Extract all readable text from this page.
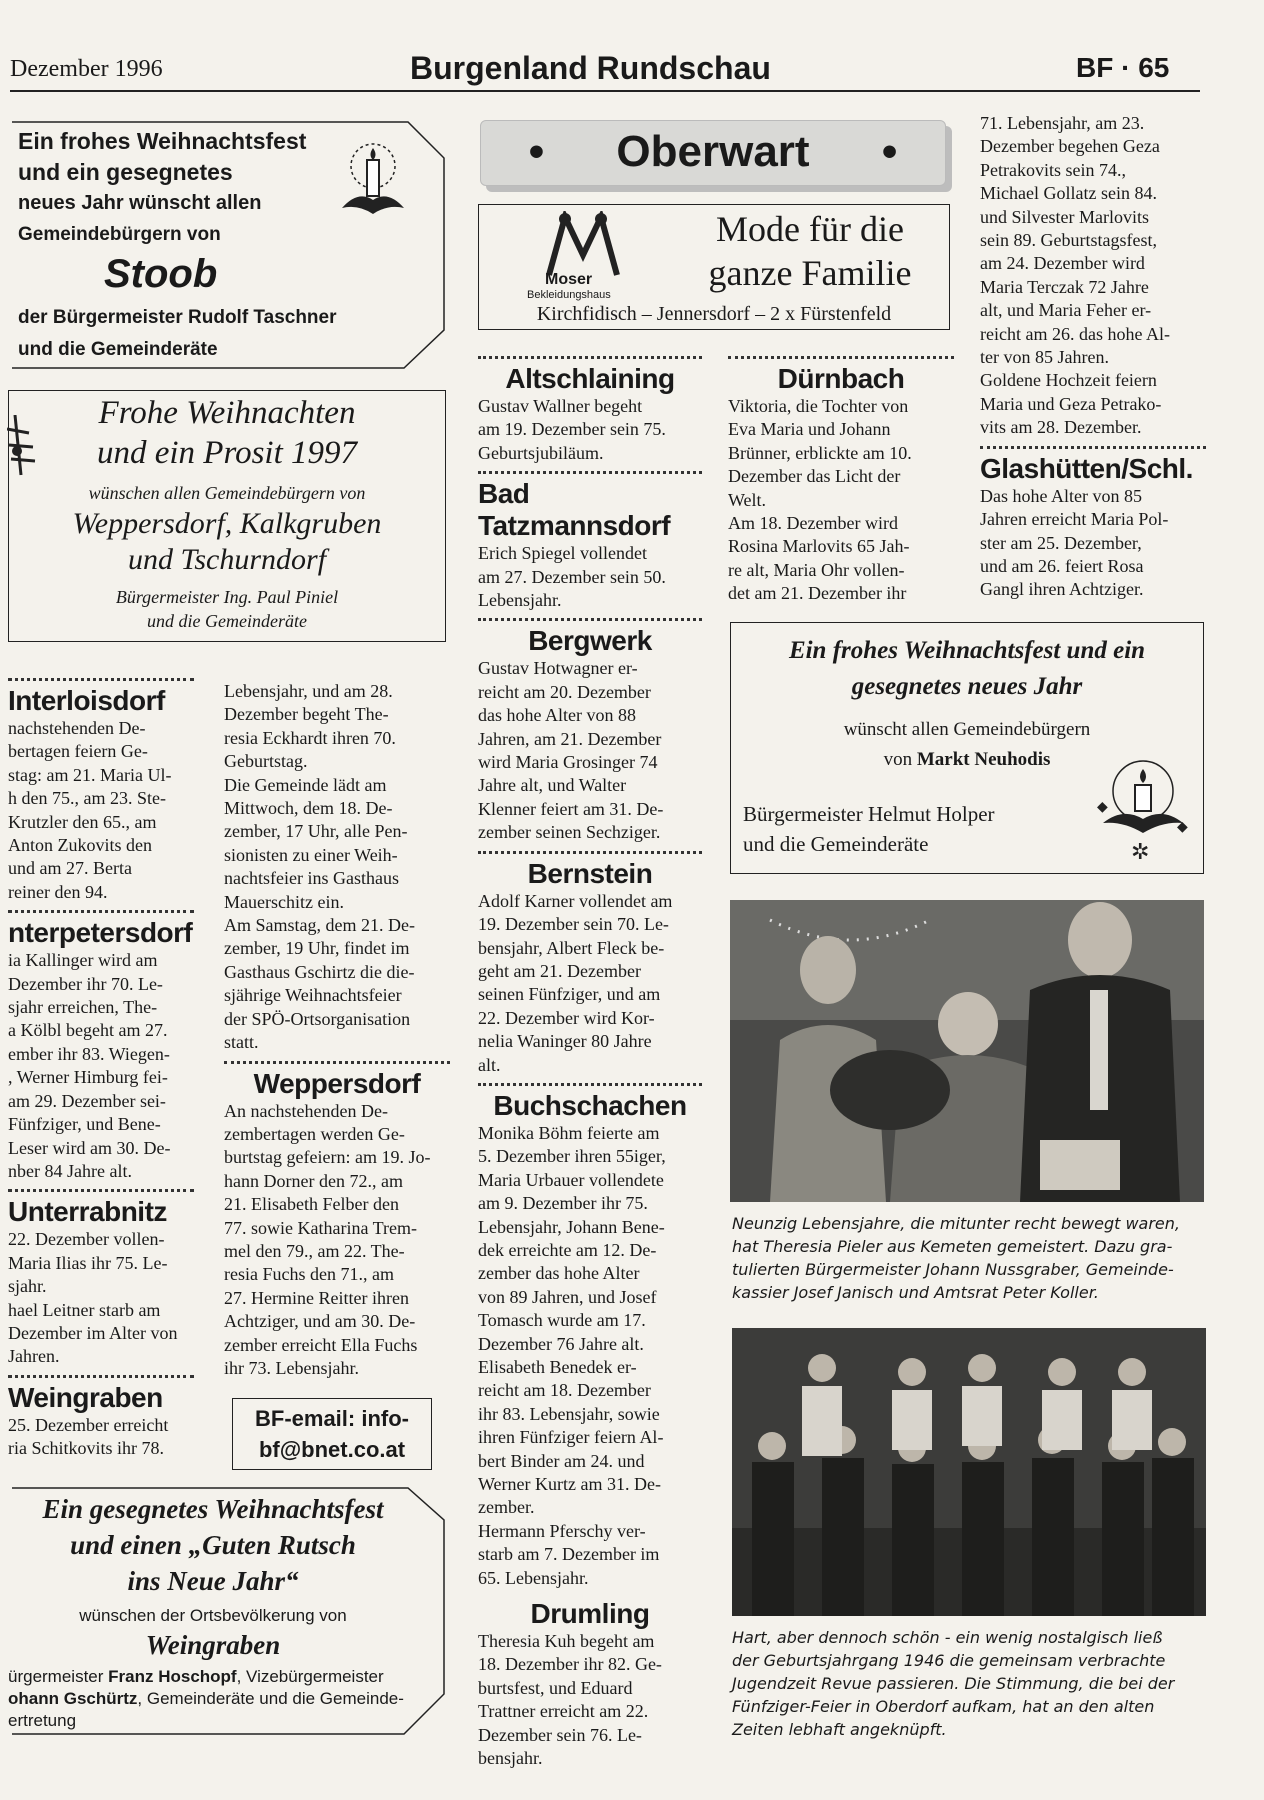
Dezember 1996	Burgenland Rundschau	BF · 65
Ein frohes Weihnachtsfest
und ein gesegnetes
neues Jahr wünscht allen
Gemeindebürgern von
Stoob
der Bürgermeister Rudolf Taschner
und die Gemeinderäte
Frohe Weihnachten
und ein Prosit 1997
wünschen allen Gemeindebürgern von
Weppersdorf, Kalkgruben
und Tschurndorf
Bürgermeister Ing. Paul Piniel
und die Gemeinderäte
Interloisdorf

nachstehenden De-

bertagen feiern Ge-

stag: am 21. Maria Ul-

h den 75., am 23. Ste-

Krutzler den 65., am

Anton Zukovits den

und am 27. Berta

reiner den 94.

nterpetersdorf

ia Kallinger wird am

Dezember ihr 70. Le-

sjahr erreichen, The-

a Kölbl begeht am 27.

ember ihr 83. Wiegen-

, Werner Himburg fei-

am 29. Dezember sei-

Fünfziger, und Bene-

Leser wird am 30. De-

nber 84 Jahre alt.

Unterrabnitz

22. Dezember vollen-

Maria Ilias ihr 75. Le-

sjahr.

hael Leitner starb am

Dezember im Alter von

Jahren.

Weingraben

25. Dezember erreicht

ria Schitkovits ihr 78.

Lebensjahr, und am 28.

Dezember begeht The-

resia Eckhardt ihren 70.

Geburtstag.

Die Gemeinde lädt am

Mittwoch, dem 18. De-

zember, 17 Uhr, alle Pen-

sionisten zu einer Weih-

nachtsfeier ins Gasthaus

Mauerschitz ein.

Am Samstag, dem 21. De-

zember, 19 Uhr, findet im

Gasthaus Gschirtz die die-

sjährige Weihnachtsfeier

der SPÖ-Ortsorganisation

statt.

Weppersdorf

An nachstehenden De-

zembertagen werden Ge-

burtstag gefeiern: am 19. Jo-

hann Dorner den 72., am

21. Elisabeth Felber den

77. sowie Katharina Trem-

mel den 79., am 22. The-

resia Fuchs den 71., am

27. Hermine Reitter ihren

Achtziger, und am 30. De-

zember erreicht Ella Fuchs

ihr 73. Lebensjahr.

BF-email: info-
bf@bnet.co.at
Ein gesegnetes Weihnachtsfest
und einen „Guten Rutsch
ins Neue Jahr“
wünschen der Ortsbevölkerung von
Weingraben
ürgermeister Franz Hoschopf, Vizebürgermeister
ohann Gschürtz, Gemeinderäte und die Gemeinde-
ertretung
• Oberwart •
Moser
Bekleidungshaus
Mode für die
ganze Familie
Kirchfidisch – Jennersdorf – 2 x Fürstenfeld
Altschlaining

Gustav Wallner begeht

am 19. Dezember sein 75.

Geburtsjubiläum.

Bad Tatzmannsdorf

Erich Spiegel vollendet

am 27. Dezember sein 50.

Lebensjahr.

Bergwerk

Gustav Hotwagner er-

reicht am 20. Dezember

das hohe Alter von 88

Jahren, am 21. Dezember

wird Maria Grosinger 74

Jahre alt, und Walter

Klenner feiert am 31. De-

zember seinen Sechziger.

Bernstein

Adolf Karner vollendet am

19. Dezember sein 70. Le-

bensjahr, Albert Fleck be-

geht am 21. Dezember

seinen Fünfziger, und am

22. Dezember wird Kor-

nelia Waninger 80 Jahre

alt.

Buchschachen

Monika Böhm feierte am

5. Dezember ihren 55iger,

Maria Urbauer vollendete

am 9. Dezember ihr 75.

Lebensjahr, Johann Bene-

dek erreichte am 12. De-

zember das hohe Alter

von 89 Jahren, und Josef

Tomasch wurde am 17.

Dezember 76 Jahre alt.

Elisabeth Benedek er-

reicht am 18. Dezember

ihr 83. Lebensjahr, sowie

ihren Fünfziger feiern Al-

bert Binder am 24. und

Werner Kurtz am 31. De-

zember.

Hermann Pferschy ver-

starb am 7. Dezember im

65. Lebensjahr.

Drumling

Theresia Kuh begeht am

18. Dezember ihr 82. Ge-

burtsfest, und Eduard

Trattner erreicht am 22.

Dezember sein 76. Le-

bensjahr.

Dürnbach

Viktoria, die Tochter von

Eva Maria und Johann

Brünner, erblickte am 10.

Dezember das Licht der

Welt.

Am 18. Dezember wird

Rosina Marlovits 65 Jah-

re alt, Maria Ohr vollen-

det am 21. Dezember ihr

71. Lebensjahr, am 23.

Dezember begehen Geza

Petrakovits sein 74.,

Michael Gollatz sein 84.

und Silvester Marlovits

sein 89. Geburtstagsfest,

am 24. Dezember wird

Maria Terczak 72 Jahre

alt, und Maria Feher er-

reicht am 26. das hohe Al-

ter von 85 Jahren.

Goldene Hochzeit feiern

Maria und Geza Petrako-

vits am 28. Dezember.

Glashütten/Schl.

Das hohe Alter von 85

Jahren erreicht Maria Pol-

ster am 25. Dezember,

und am 26. feiert Rosa

Gangl ihren Achtziger.

Ein frohes Weihnachtsfest und ein
gesegnetes neues Jahr
wünscht allen Gemeindebürgern
von Markt Neuhodis
Bürgermeister Helmut Holper
und die Gemeinderäte
◆
◆
✲
Neunzig Lebensjahre, die mitunter recht bewegt waren,
hat Theresia Pieler aus Kemeten gemeistert. Dazu gra-
tulierten Bürgermeister Johann Nussgraber, Gemeinde-
kassier Josef Janisch und Amtsrat Peter Koller.
Hart, aber dennoch schön - ein wenig nostalgisch ließ
der Geburtsjahrgang 1946 die gemeinsam verbrachte
Jugendzeit Revue passieren. Die Stimmung, die bei der
Fünfziger-Feier in Oberdorf aufkam, hat an den alten
Zeiten lebhaft angeknüpft.
